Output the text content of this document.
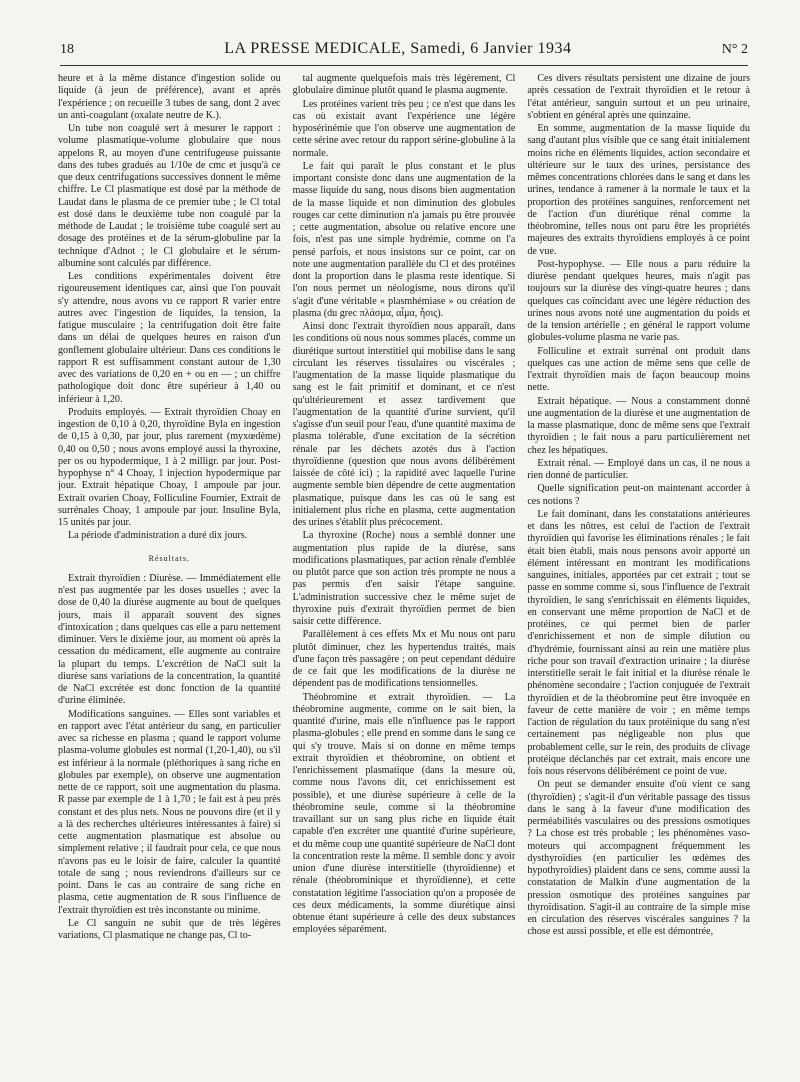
18	LA PRESSE MEDICALE, Samedi, 6 Janvier 1934	N° 2

heure et à la même distance d'ingestion solide ou liquide (à jeun de préférence), avant et après l'expérience ; on recueille 3 tubes de sang, dont 2 avec un anti-coagulant (oxalate neutre de K.).

Un tube non coagulé sert à mesurer le rapport : volume plasmatique-volume globulaire que nous appelons R, au moyen d'une centrifugeuse puissante dans des tubes gradués au 1/10e de cmc et jusqu'à ce que deux centrifugations successives donnent le même chiffre. Le Cl plasmatique est dosé par la méthode de Laudat dans le plasma de ce premier tube ; le Cl total est dosé dans le deuxième tube non coagulé par la méthode de Laudat ; le troisième tube coagulé sert au dosage des protéines et de la sérum-globuline par la technique d'Adnot ; le Cl globulaire et le sérum-albumine sont calculés par différence.

Les conditions expérimentales doivent être rigoureusement identiques car, ainsi que l'on pouvait s'y attendre, nous avons vu ce rapport R varier entre autres avec l'ingestion de liquides, la tension, la fatigue musculaire ; la centrifugation doit être faite dans un délai de quelques heures en raison d'un gonflement globulaire ultérieur. Dans ces conditions le rapport R est suffisamment constant autour de 1,30 avec des variations de 0,20 en + ou en — ; un chiffre pathologique doit donc être supérieur à 1,40 ou inférieur à 1,20.

Produits employés. — Extrait thyroïdien Choay en ingestion de 0,10 à 0,20, thyroïdine Byla en ingestion de 0,15 à 0,30, par jour, plus rarement (myxœdème) 0,40 ou 0,50 ; nous avons employé aussi la thyroxine, per os ou hypodermique, 1 à 2 milligr. par jour. Post-hypophyse n° 4 Choay, 1 injection hypodermique par jour. Extrait hépatique Choay, 1 ampoule par jour. Extrait ovarien Choay, Folliculine Fournier, Extrait de surrénales Choay, 1 ampoule par jour. Insuline Byla, 15 unités par jour.

La période d'administration a duré dix jours.

Résultats.

Extrait thyroïdien : Diurèse. — Immédiatement elle n'est pas augmentée par les doses usuelles ; avec la dose de 0,40 la diurèse augmente au bout de quelques jours, mais il apparaît souvent des signes d'intoxication ; dans quelques cas elle a paru nettement diminuer. Vers le dixième jour, au moment où après la cessation du médicament, elle augmente au contraire la plupart du temps. L'excrétion de NaCl suit la diurèse sans variations de la concentration, la quantité de NaCl excrétée est donc fonction de la quantité d'urine éliminée.

Modifications sanguines. — Elles sont variables et en rapport avec l'état antérieur du sang, en particulier avec sa richesse en plasma ; quand le rapport volume plasma-volume globules est normal (1,20-1,40), ou s'il est inférieur à la normale (pléthoriques à sang riche en globules par exemple), on observe une augmentation nette de ce rapport, soit une augmentation du plasma. R passe par exemple de 1 à 1,70 ; le fait est à peu près constant et des plus nets. Nous ne pouvons dire (et il y a là des recherches ultérieures intéressantes à faire) si cette augmentation plasmatique est absolue ou simplement relative ; il faudrait pour cela, ce que nous n'avons pas eu le loisir de faire, calculer la quantité totale de sang ; nous reviendrons d'ailleurs sur ce point. Dans le cas au contraire de sang riche en plasma, cette augmentation de R sous l'influence de l'extrait thyroïdien est très inconstante ou minime.

Le Cl sanguin ne subit que de très légères variations, Cl plasmatique ne change pas, Cl to-

tal augmente quelquefois mais très légèrement, Cl globulaire diminue plutôt quand le plasma augmente.

Les protéines varient très peu ; ce n'est que dans les cas où existait avant l'expérience une légère hyposérinémie que l'on observe une augmentation de cette sérine avec retour du rapport sérine-globuline à la normale.

Le fait qui paraît le plus constant et le plus important consiste donc dans une augmentation de la masse liquide du sang, nous disons bien augmentation de la masse liquide et non diminution des globules rouges car cette diminution n'a jamais pu être prouvée ; cette augmentation, absolue ou relative encore une fois, n'est pas une simple hydrémie, comme on l'a pensé parfois, et nous insistons sur ce point, car on note une augmentation parallèle du Cl et des protéines dont la proportion dans le plasma reste identique. Si l'on nous permet un néologisme, nous dirons qu'il s'agit d'une véritable « plasmhémiase » ou création de plasma (du grec πλάσμα, αἷμα, ἧσις).

Ainsi donc l'extrait thyroïdien nous apparaît, dans les conditions où nous nous sommes placés, comme un diurétique surtout interstitiel qui mobilise dans le sang circulant les réserves tissulaires ou viscérales ; l'augmentation de la masse liquide plasmatique du sang est le fait primitif et dominant, et ce n'est qu'ultérieurement et assez tardivement que l'augmentation de la quantité d'urine survient, qu'il s'agisse d'un seuil pour l'eau, d'une quantité maxima de plasma tolérable, d'une excitation de la sécrétion rénale par les déchets azotés dus à l'action thyroïdienne (question que nous avons délibérément laissée de côté ici) ; la rapidité avec laquelle l'urine augmente semble bien dépendre de cette augmentation plasmatique, puisque dans les cas où le sang est initialement plus riche en plasma, cette augmentation des urines s'établit plus précocement.

La thyroxine (Roche) nous a semblé donner une augmentation plus rapide de la diurèse, sans modifications plasmatiques, par action rénale d'emblée ou plutôt parce que son action très prompte ne nous a pas permis d'en saisir l'étape sanguine. L'administration successive chez le même sujet de thyroxine puis d'extrait thyroïdien permet de bien saisir cette différence.

Parallèlement à ces effets Mx et Mu nous ont paru plutôt diminuer, chez les hypertendus traités, mais d'une façon très passagère ; on peut cependant déduire de ce fait que les modifications de la diurèse ne dépendent pas de modifications tensionnelles.

Théobromine et extrait thyroïdien. — La théobromine augmente, comme on le sait bien, la quantité d'urine, mais elle n'influence pas le rapport plasma-globules ; elle prend en somme dans le sang ce qui s'y trouve. Mais si on donne en même temps extrait thyroïdien et théobromine, on obtient et l'enrichissement plasmatique (dans la mesure où, comme nous l'avons dit, cet enrichissement est possible), et une diurèse supérieure à celle de la théobromine seule, comme si la théobromine travaillant sur un sang plus riche en liquide était capable d'en excréter une quantité d'urine supérieure, et du même coup une quantité supérieure de NaCl dont la concentration reste la même. Il semble donc y avoir union d'une diurèse interstitielle (thyroïdienne) et rénale (théobrominique et thyroïdienne), et cette constatation légitime l'association qu'on a proposée de ces deux médicaments, la somme diurétique ainsi obtenue étant supérieure à celle des deux substances employées séparément.

Ces divers résultats persistent une dizaine de jours après cessation de l'extrait thyroïdien et le retour à l'état antérieur, sanguin surtout et un peu urinaire, s'obtient en général après une quinzaine.

En somme, augmentation de la masse liquide du sang d'autant plus visible que ce sang était initialement moins riche en éléments liquides, action secondaire et ultérieure sur le taux des urines, persistance des mêmes concentrations chlorées dans le sang et dans les urines, tendance à ramener à la normale le taux et la proportion des protéines sanguines, renforcement net de l'action d'un diurétique rénal comme la théobromine, telles nous ont paru être les propriétés majeures des extraits thyroïdiens employés à ce point de vue.

Post-hypophyse. — Elle nous a paru réduire la diurèse pendant quelques heures, mais n'agit pas toujours sur la diurèse des vingt-quatre heures ; dans quelques cas coïncidant avec une légère réduction des urines nous avons noté une augmentation du poids et de la tension artérielle ; en général le rapport volume globules-volume plasma ne varie pas.

Folliculine et extrait surrénal ont produit dans quelques cas une action de même sens que celle de l'extrait thyroïdien mais de façon beaucoup moins nette.

Extrait hépatique. — Nous a constamment donné une augmentation de la diurèse et une augmentation de la masse plasmatique, donc de même sens que l'extrait thyroïdien ; le fait nous a paru particulièrement net chez les hépatiques.

Extrait rénal. — Employé dans un cas, il ne nous a rien donné de particulier.

Quelle signification peut-on maintenant accorder à ces notions ?

Le fait dominant, dans les constatations antérieures et dans les nôtres, est celui de l'action de l'extrait thyroïdien qui favorise les éliminations rénales ; le fait était bien établi, mais nous pensons avoir apporté un élément intéressant en montrant les modifications sanguines, initiales, apportées par cet extrait ; tout se passe en somme comme si, sous l'influence de l'extrait thyroïdien, le sang s'enrichissait en éléments liquides, en conservant une même proportion de NaCl et de protéines, ce qui permet bien de parler d'enrichissement et non de simple dilution ou d'hydrémie, fournissant ainsi au rein une matière plus riche pour son travail d'extraction urinaire ; la diurèse interstitielle serait le fait initial et la diurèse rénale le phénomène secondaire ; l'action conjuguée de l'extrait thyroïdien et de la théobromine peut être invoquée en faveur de cette manière de voir ; en même temps l'action de régulation du taux protéinique du sang n'est certainement pas négligeable non plus que probablement celle, sur le rein, des produits de clivage protéique déclanchés par cet extrait, mais encore une fois nous réservons délibérément ce point de vue.

On peut se demander ensuite d'où vient ce sang (thyroïdien) ; s'agit-il d'un véritable passage des tissus dans le sang à la faveur d'une modification des perméabilités vasculaires ou des pressions osmotiques ? La chose est très probable ; les phénomènes vaso-moteurs qui accompagnent fréquemment les dysthyroïdies (en particulier les œdèmes des hypothyroïdies) plaident dans ce sens, comme aussi la constatation de Malkin d'une augmentation de la pression osmotique des protéines sanguines par thyroïdisation. S'agit-il au contraire de la simple mise en circulation des réserves viscérales sanguines ? la chose est aussi possible, et elle est démontrée,
